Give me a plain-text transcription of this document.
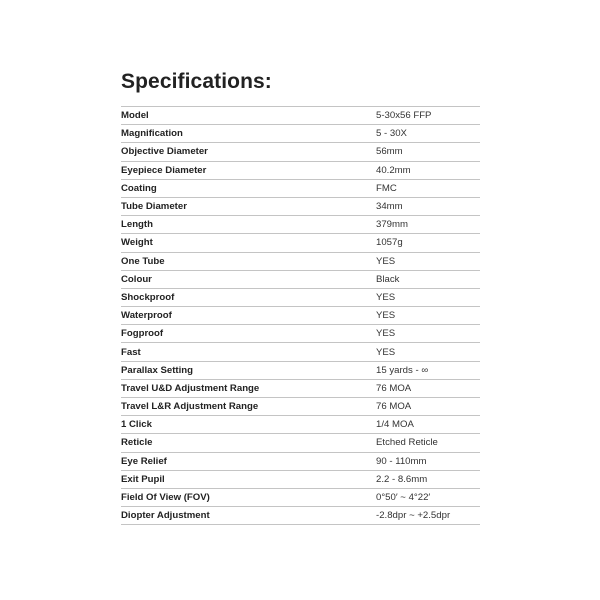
Specifications:
Model	5-30x56 FFP
Magnification	5 - 30X
Objective Diameter	56mm
Eyepiece Diameter	40.2mm
Coating	FMC
Tube Diameter	34mm
Length	379mm
Weight	1057g
One Tube	YES
Colour	Black
Shockproof	YES
Waterproof	YES
Fogproof	YES
Fast	YES
Parallax Setting	15 yards - ∞
Travel U&D Adjustment Range	76 MOA
Travel L&R Adjustment Range	76 MOA
1 Click	1/4 MOA
Reticle	Etched Reticle
Eye Relief	90 - 110mm
Exit Pupil	2.2 - 8.6mm
Field Of View (FOV)	0°50′ ~ 4°22′
Diopter Adjustment	-2.8dpr ~ +2.5dpr
